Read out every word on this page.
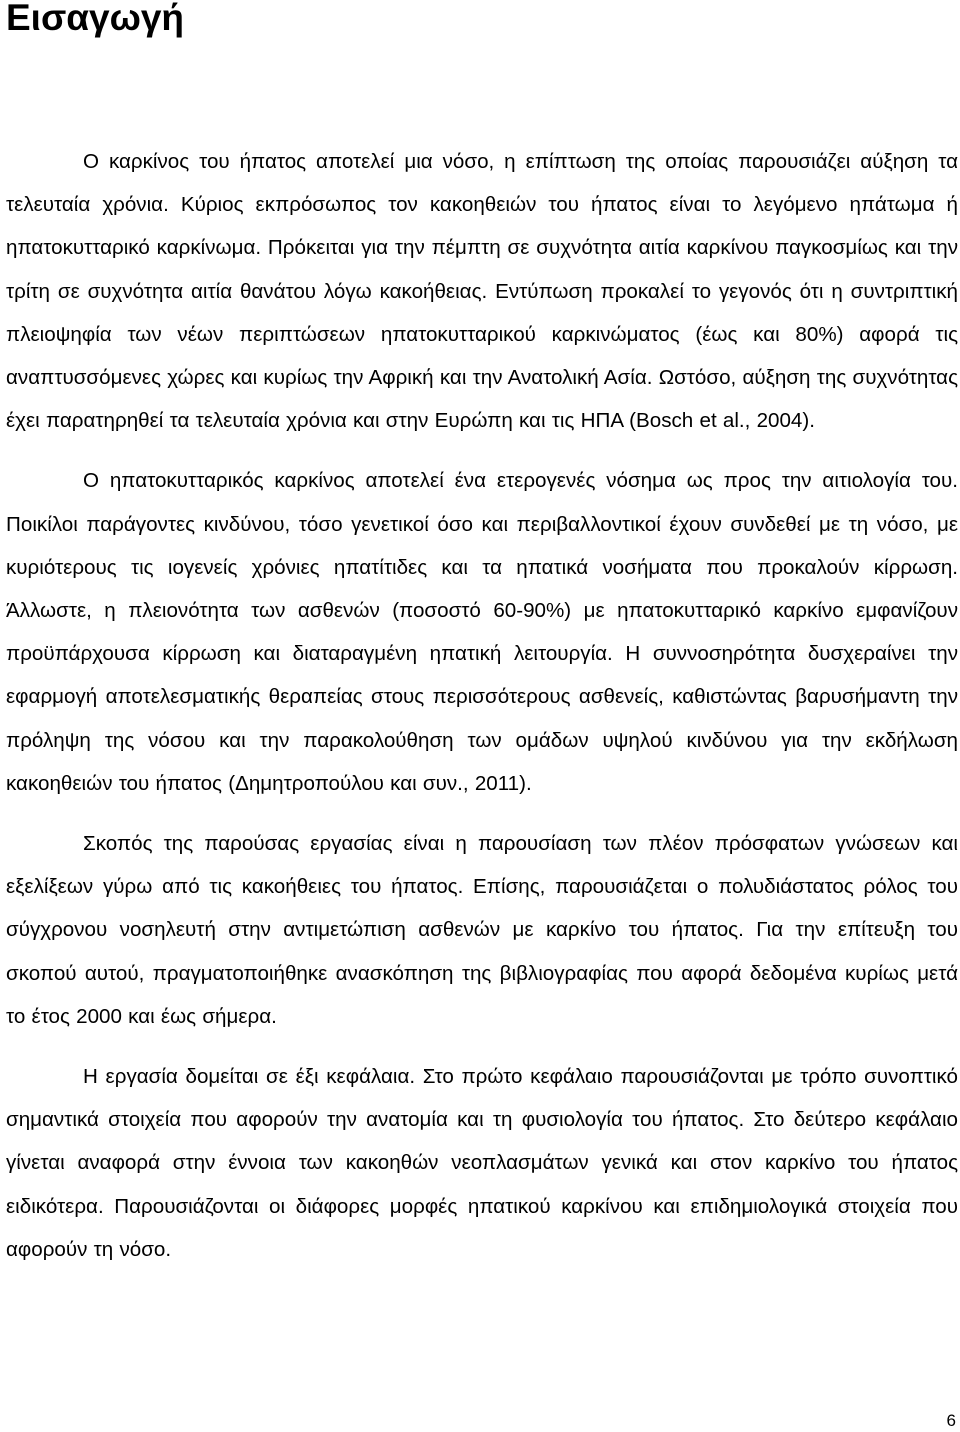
Εισαγωγή

Ο καρκίνος του ήπατος αποτελεί μια νόσο, η επίπτωση της οποίας παρουσιάζει αύξηση τα τελευταία χρόνια. Κύριος εκπρόσωπος τον κακοηθειών του ήπατος είναι το λεγόμενο ηπάτωμα ή ηπατοκυτταρικό καρκίνωμα. Πρόκειται για την πέμπτη σε συχνότητα αιτία καρκίνου παγκοσμίως και την τρίτη σε συχνότητα αιτία θανάτου λόγω κακοήθειας. Εντύπωση προκαλεί το γεγονός ότι η συντριπτική πλειοψηφία των νέων περιπτώσεων ηπατοκυτταρικού καρκινώματος (έως και 80%) αφορά τις αναπτυσσόμενες χώρες και κυρίως την Αφρική και την Ανατολική Ασία. Ωστόσο, αύξηση της συχνότητας έχει παρατηρηθεί τα τελευταία χρόνια και στην Ευρώπη και τις ΗΠΑ (Bosch et al., 2004).

Ο ηπατοκυτταρικός καρκίνος αποτελεί ένα ετερογενές νόσημα ως προς την αιτιολογία του. Ποικίλοι παράγοντες κινδύνου, τόσο γενετικοί όσο και περιβαλλοντικοί έχουν συνδεθεί με τη νόσο, με κυριότερους τις ιογενείς χρόνιες ηπατίτιδες και τα ηπατικά νοσήματα που προκαλούν κίρρωση. Άλλωστε, η πλειονότητα των ασθενών (ποσοστό 60-90%) με ηπατοκυτταρικό καρκίνο εμφανίζουν προϋπάρχουσα κίρρωση και διαταραγμένη ηπατική λειτουργία. Η συννοσηρότητα δυσχεραίνει την εφαρμογή αποτελεσματικής θεραπείας στους περισσότερους ασθενείς, καθιστώντας βαρυσήμαντη την πρόληψη της νόσου και την παρακολούθηση των ομάδων υψηλού κινδύνου για την εκδήλωση κακοηθειών του ήπατος (Δημητροπούλου και συν., 2011).

Σκοπός της παρούσας εργασίας είναι η παρουσίαση των πλέον πρόσφατων γνώσεων και εξελίξεων γύρω από τις κακοήθειες του ήπατος. Επίσης, παρουσιάζεται ο πολυδιάστατος ρόλος του σύγχρονου νοσηλευτή στην αντιμετώπιση ασθενών με καρκίνο του ήπατος. Για την επίτευξη του σκοπού αυτού, πραγματοποιήθηκε ανασκόπηση της βιβλιογραφίας που αφορά δεδομένα κυρίως μετά το έτος 2000 και έως σήμερα.

Η εργασία δομείται σε έξι κεφάλαια. Στο πρώτο κεφάλαιο παρουσιάζονται με τρόπο συνοπτικό σημαντικά στοιχεία που αφορούν την ανατομία και τη φυσιολογία του ήπατος. Στο δεύτερο κεφάλαιο γίνεται αναφορά στην έννοια των κακοηθών νεοπλασμάτων γενικά και στον καρκίνο του ήπατος ειδικότερα. Παρουσιάζονται οι διάφορες μορφές ηπατικού καρκίνου και επιδημιολογικά στοιχεία που αφορούν τη νόσο.

6
